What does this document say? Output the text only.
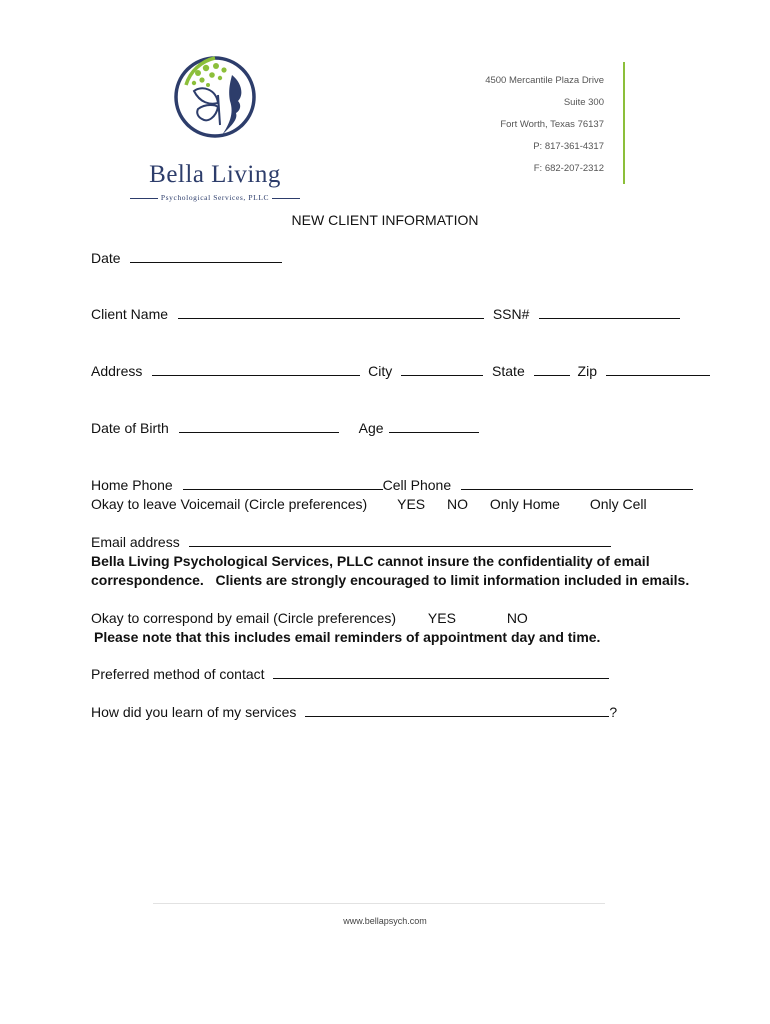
Bella Living
Psychological Services, PLLC
4500 Mercantile Plaza Drive
Suite 300
Fort Worth, Texas 76137
P: 817-361-4317
F: 682-207-2312
NEW CLIENT INFORMATION
Date
Client Name	SSN#
Address	City	State	Zip
Date of Birth	Age
Home Phone	Cell Phone
Okay to leave Voicemail (Circle preferences) YES NO Only Home Only Cell
Email address
Bella Living Psychological Services, PLLC cannot insure the confidentiality of email
correspondence.   Clients are strongly encouraged to limit information included in emails.
Okay to correspond by email (Circle preferences) YES	NO
Please note that this includes email reminders of appointment day and time.
Preferred method of contact
How did you learn of my services	?
www.bellapsych.com
